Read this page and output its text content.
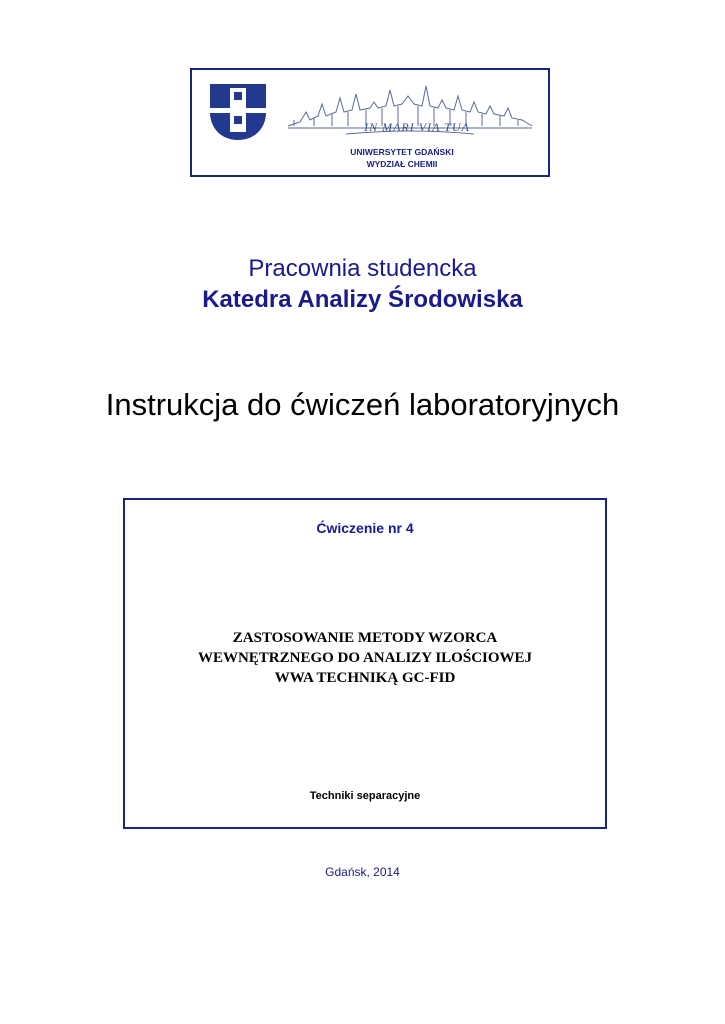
IN MARI VIA TUA
UNIWERSYTET GDAŃSKI
WYDZIAŁ CHEMII
Pracownia studencka
Katedra Analizy Środowiska
Instrukcja do ćwiczeń laboratoryjnych
Ćwiczenie nr 4
ZASTOSOWANIE METODY WZORCA
WEWNĘTRZNEGO DO ANALIZY ILOŚCIOWEJ
WWA TECHNIKĄ GC-FID
Techniki separacyjne
Gdańsk, 2014
